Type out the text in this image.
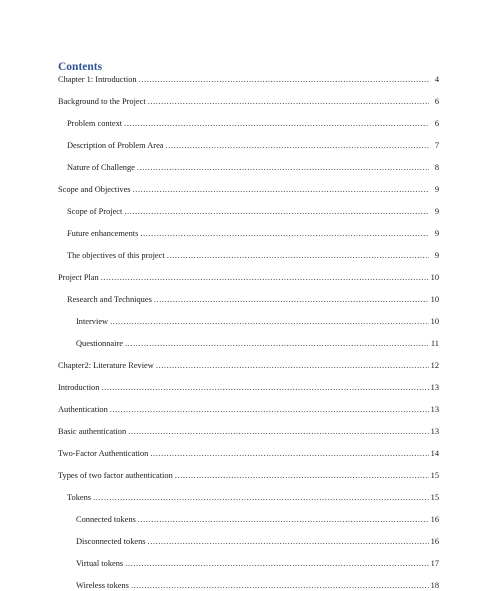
Contents
Chapter 1: Introduction .....	4
Background to the Project .....	6
Problem context .....	6
Description of Problem Area .....	7
Nature of Challenge .....	8
Scope and Objectives .....	9
Scope of Project .....	9
Future enhancements .....	9
The objectives of this project .....	9
Project Plan .....	10
Research and Techniques .....	10
Interview .....	10
Questionnaire .....	11
Chapter2: Literature Review .....	12
Introduction .....	13
Authentication .....	13
Basic authentication .....	13
Two-Factor Authentication .....	14
Types of two factor authentication .....	15
Tokens .....	15
Connected tokens .....	16
Disconnected tokens .....	16
Virtual tokens .....	17
Wireless tokens .....	18
